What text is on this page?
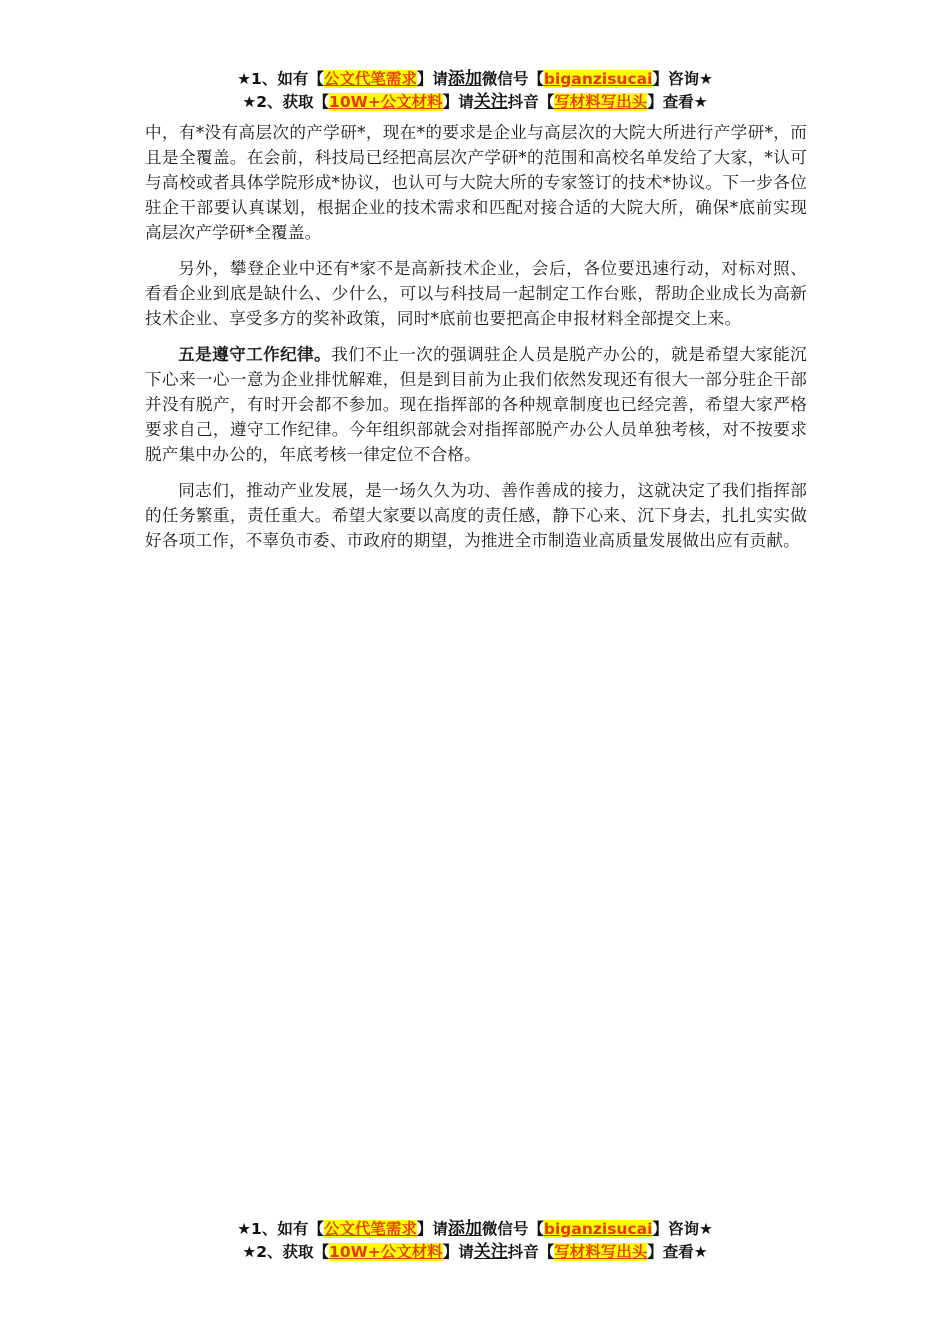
★1、如有【公文代笔需求】请添加微信号【biganzisucai】咨询★
★2、获取【10W+公文材料】请关注抖音【写材料写出头】查看★

中，有*没有高层次的产学研*，现在*的要求是企业与高层次的大院大所进行产学研*，而且是全覆盖。在会前，科技局已经把高层次产学研*的范围和高校名单发给了大家，*认可与高校或者具体学院形成*协议，也认可与大院大所的专家签订的技术*协议。下一步各位驻企干部要认真谋划，根据企业的技术需求和匹配对接合适的大院大所，确保*底前实现高层次产学研*全覆盖。

另外，攀登企业中还有*家不是高新技术企业，会后，各位要迅速行动，对标对照、看看企业到底是缺什么、少什么，可以与科技局一起制定工作台账，帮助企业成长为高新技术企业、享受多方的奖补政策，同时*底前也要把高企申报材料全部提交上来。

五是遵守工作纪律。我们不止一次的强调驻企人员是脱产办公的，就是希望大家能沉下心来一心一意为企业排忧解难，但是到目前为止我们依然发现还有很大一部分驻企干部并没有脱产，有时开会都不参加。现在指挥部的各种规章制度也已经完善，希望大家严格要求自己，遵守工作纪律。今年组织部就会对指挥部脱产办公人员单独考核，对不按要求脱产集中办公的，年底考核一律定位不合格。

同志们，推动产业发展，是一场久久为功、善作善成的接力，这就决定了我们指挥部的任务繁重，责任重大。希望大家要以高度的责任感，静下心来、沉下身去，扎扎实实做好各项工作，不辜负市委、市政府的期望，为推进全市制造业高质量发展做出应有贡献。

★1、如有【公文代笔需求】请添加微信号【biganzisucai】咨询★
★2、获取【10W+公文材料】请关注抖音【写材料写出头】查看★
